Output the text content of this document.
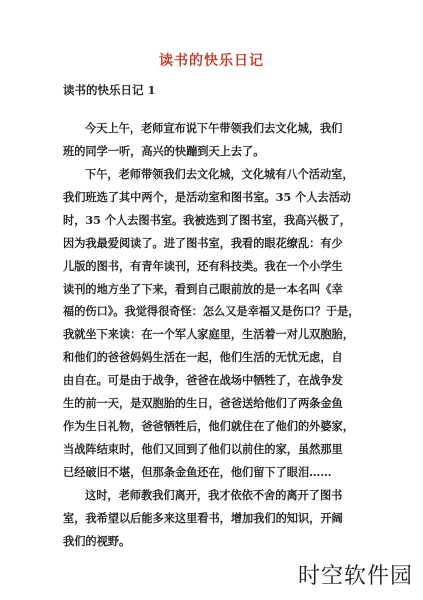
读书的快乐日记
读书的快乐日记 1
今天上午，老师宣布说下午带领我们去文化城，我们
班的同学一听，高兴的快蹦到天上去了。
下午，老师带领我们去文化城，文化城有八个活动室，
我们班选了其中两个，是活动室和图书室。35 个人去活动
时，35 个人去图书室。我被选到了图书室，我高兴极了，
因为我最爱阅读了。进了图书室，我看的眼花缭乱：有少
儿版的图书，有青年读刊，还有科技类。我在一个小学生
读刊的地方坐了下来，看到自己眼前放的是一本名叫《幸
福的伤口》。我觉得很奇怪：怎么又是幸福又是伤口？于是，
我就坐下来读：在一个军人家庭里，生活着一对儿双胞胎，
和他们的爸爸妈妈生活在一起，他们生活的无忧无虑，自
由自在。可是由于战争，爸爸在战场中牺牲了，在战争发
生的前一天，是双胞胎的生日，爸爸送给他们了两条金鱼
作为生日礼物，爸爸牺牲后，他们就住在了他们的外婆家，
当战阵结束时，他们又回到了他们以前住的家，虽然那里
已经破旧不堪，但那条金鱼还在，他们留下了眼泪……
这时，老师教我们离开，我才依依不舍的离开了图书
室，我希望以后能多来这里看书，增加我们的知识，开阔
我们的视野。
时空软件园
